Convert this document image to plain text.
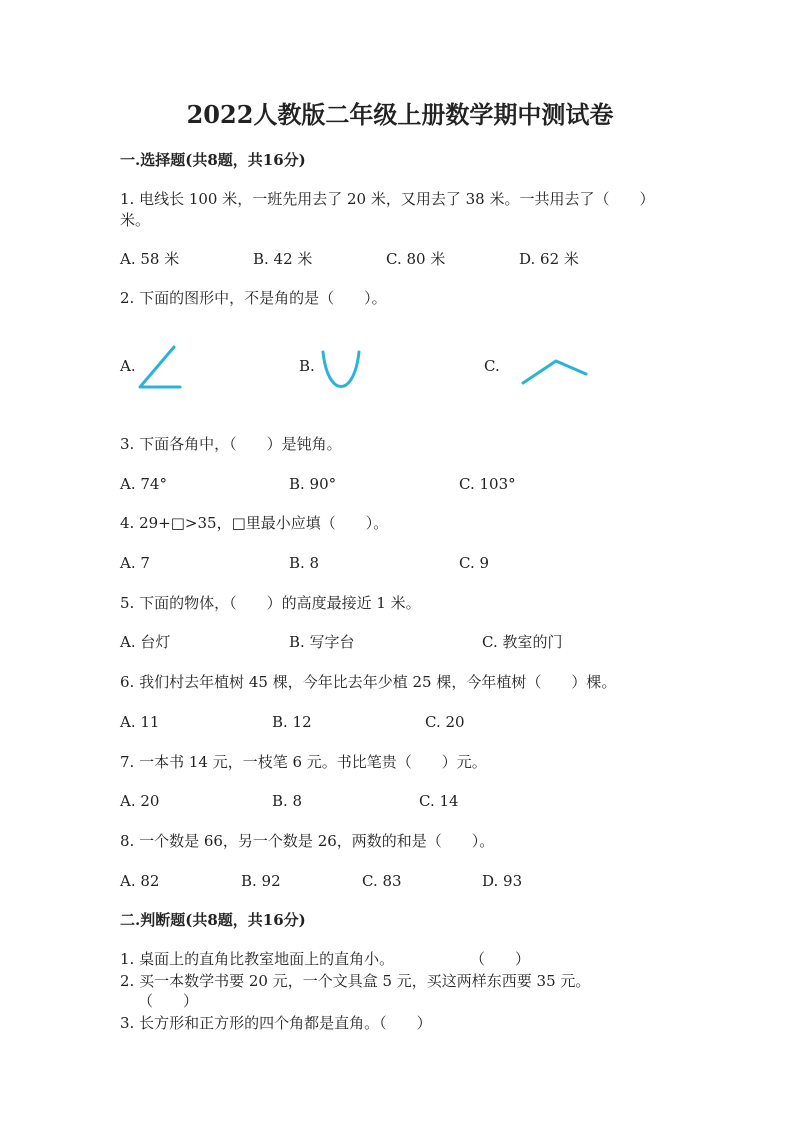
2022人教版二年级上册数学期中测试卷
一.选择题(共8题，共16分)
1. 电线长 100 米，一班先用去了 20 米，又用去了 38 米。一共用去了（　　）
米。
A. 58 米	B. 42 米	C. 80 米	D. 62 米
2. 下面的图形中，不是角的是（　　）。
A.	B.	C.
3. 下面各角中，（　　）是钝角。
A. 74°	B. 90°	C. 103°
4. 29+□>35，□里最小应填（　　）。
A. 7	B. 8	C. 9
5. 下面的物体，（　　）的高度最接近 1 米。
A. 台灯	B. 写字台	C. 教室的门
6. 我们村去年植树 45 棵，今年比去年少植 25 棵，今年植树（　　）棵。
A. 11	B. 12	C. 20
7. 一本书 14 元，一枝笔 6 元。书比笔贵（　　）元。
A. 20	B. 8	C. 14
8. 一个数是 66，另一个数是 26，两数的和是（　　）。
A. 82	B. 92	C. 83	D. 93
二.判断题(共8题，共16分)
1. 桌面上的直角比教室地面上的直角小。	（　　）
2. 买一本数学书要 20 元，一个文具盒 5 元，买这两样东西要 35 元。
（　　）
3. 长方形和正方形的四个角都是直角。（　　）
